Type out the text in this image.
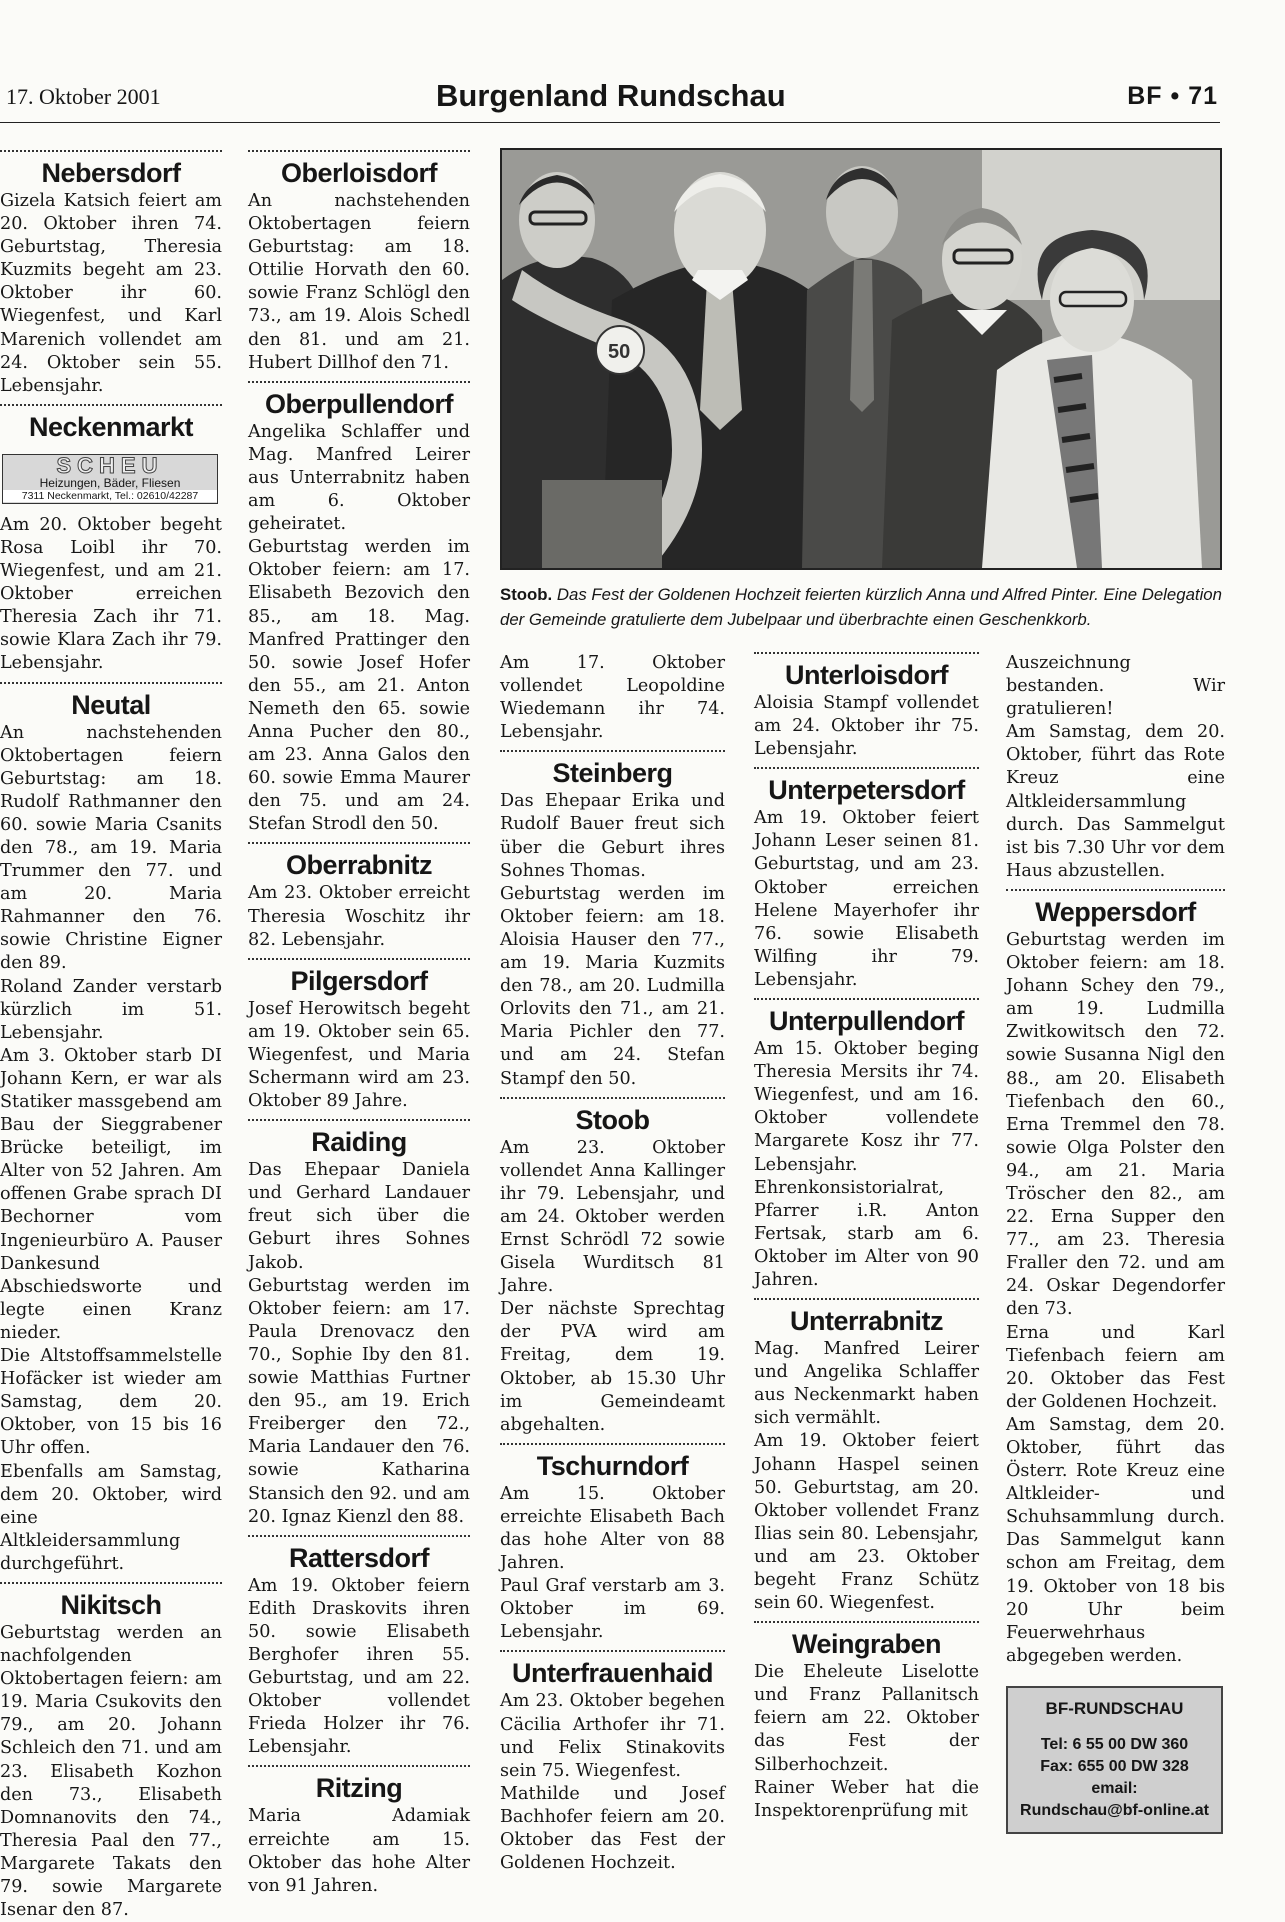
17. Oktober 2001	Burgenland Rundschau	BF • 71
Nebersdorf
Gizela Katsich feiert am 20. Oktober ihren 74. Geburtstag, Theresia Kuzmits begeht am 23. Oktober ihr 60. Wiegenfest, und Karl Marenich vollendet am 24. Oktober sein 55. Lebensjahr.
Neckenmarkt
SCHEU
Heizungen, Bäder, Fliesen
7311 Neckenmarkt, Tel.: 02610/42287
Am 20. Oktober begeht Rosa Loibl ihr 70. Wiegenfest, und am 21. Oktober erreichen Theresia Zach ihr 71. sowie Klara Zach ihr 79. Lebensjahr.
Neutal
An nachstehenden Oktobertagen feiern Geburtstag: am 18. Rudolf Rathmanner den 60. sowie Maria Csanits den 78., am 19. Maria Trummer den 77. und am 20. Maria Rahmanner den 76. sowie Christine Eigner den 89.
Roland Zander verstarb kürzlich im 51. Lebensjahr.
Am 3. Oktober starb DI Johann Kern, er war als Statiker massgebend am Bau der Sieggrabener Brücke beteiligt, im Alter von 52 Jahren. Am offenen Grabe sprach DI Bechorner vom Ingenieurbüro A. Pauser Dankesund Abschiedsworte und legte einen Kranz nieder.
Die Altstoffsammelstelle Hofäcker ist wieder am Samstag, dem 20. Oktober, von 15 bis 16 Uhr offen.
Ebenfalls am Samstag, dem 20. Oktober, wird eine Altkleidersammlung durchgeführt.
Nikitsch
Geburtstag werden an nachfolgenden Oktobertagen feiern: am 19. Maria Csukovits den 79., am 20. Johann Schleich den 71. und am 23. Elisabeth Kozhon den 73., Elisabeth Domnanovits den 74., Theresia Paal den 77., Margarete Takats den 79. sowie Margarete Isenar den 87.
Oberloisdorf
An nachstehenden Oktobertagen feiern Geburtstag: am 18. Ottilie Horvath den 60. sowie Franz Schlögl den 73., am 19. Alois Schedl den 81. und am 21. Hubert Dillhof den 71.
Oberpullendorf
Angelika Schlaffer und Mag. Manfred Leirer aus Unterrabnitz haben am 6. Oktober geheiratet.
Geburtstag werden im Oktober feiern: am 17. Elisabeth Bezovich den 85., am 18. Mag. Manfred Prattinger den 50. sowie Josef Hofer den 55., am 21. Anton Nemeth den 65. sowie Anna Pucher den 80., am 23. Anna Galos den 60. sowie Emma Maurer den 75. und am 24. Stefan Strodl den 50.
Oberrabnitz
Am 23. Oktober erreicht Theresia Woschitz ihr 82. Lebensjahr.
Pilgersdorf
Josef Herowitsch begeht am 19. Oktober sein 65. Wiegenfest, und Maria Schermann wird am 23. Oktober 89 Jahre.
Raiding
Das Ehepaar Daniela und Gerhard Landauer freut sich über die Geburt ihres Sohnes Jakob.
Geburtstag werden im Oktober feiern: am 17. Paula Drenovacz den 70., Sophie Iby den 81. sowie Matthias Furtner den 95., am 19. Erich Freiberger den 72., Maria Landauer den 76. sowie Katharina Stansich den 92. und am 20. Ignaz Kienzl den 88.
Rattersdorf
Am 19. Oktober feiern Edith Draskovits ihren 50. sowie Elisabeth Berghofer ihren 55. Geburtstag, und am 22. Oktober vollendet Frieda Holzer ihr 76. Lebensjahr.
Ritzing
Maria Adamiak erreichte am 15. Oktober das hohe Alter von 91 Jahren.
50
Stoob. Das Fest der Goldenen Hochzeit feierten kürzlich Anna und Alfred Pinter. Eine Delegation der Gemeinde gratulierte dem Jubelpaar und überbrachte einen Geschenkkorb.
Am 17. Oktober vollendet Leopoldine Wiedemann ihr 74. Lebensjahr.
Steinberg
Das Ehepaar Erika und Rudolf Bauer freut sich über die Geburt ihres Sohnes Thomas.
Geburtstag werden im Oktober feiern: am 18. Aloisia Hauser den 77., am 19. Maria Kuzmits den 78., am 20. Ludmilla Orlovits den 71., am 21. Maria Pichler den 77. und am 24. Stefan Stampf den 50.
Stoob
Am 23. Oktober vollendet Anna Kallinger ihr 79. Lebensjahr, und am 24. Oktober werden Ernst Schrödl 72 sowie Gisela Wurditsch 81 Jahre.
Der nächste Sprechtag der PVA wird am Freitag, dem 19. Oktober, ab 15.30 Uhr im Gemeindeamt abgehalten.
Tschurndorf
Am 15. Oktober erreichte Elisabeth Bach das hohe Alter von 88 Jahren.
Paul Graf verstarb am 3. Oktober im 69. Lebensjahr.
Unterfrauenhaid
Am 23. Oktober begehen Cäcilia Arthofer ihr 71. und Felix Stinakovits sein 75. Wiegenfest.
Mathilde und Josef Bachhofer feiern am 20. Oktober das Fest der Goldenen Hochzeit.
Unterloisdorf
Aloisia Stampf vollendet am 24. Oktober ihr 75. Lebensjahr.
Unterpetersdorf
Am 19. Oktober feiert Johann Leser seinen 81. Geburtstag, und am 23. Oktober erreichen Helene Mayerhofer ihr 76. sowie Elisabeth Wilfing ihr 79. Lebensjahr.
Unterpullendorf
Am 15. Oktober beging Theresia Mersits ihr 74. Wiegenfest, und am 16. Oktober vollendete Margarete Kosz ihr 77. Lebensjahr.
Ehrenkonsistorialrat, Pfarrer i.R. Anton Fertsak, starb am 6. Oktober im Alter von 90 Jahren.
Unterrabnitz
Mag. Manfred Leirer und Angelika Schlaffer aus Neckenmarkt haben sich vermählt.
Am 19. Oktober feiert Johann Haspel seinen 50. Geburtstag, am 20. Oktober vollendet Franz Ilias sein 80. Lebensjahr, und am 23. Oktober begeht Franz Schütz sein 60. Wiegenfest.
Weingraben
Die Eheleute Liselotte und Franz Pallanitsch feiern am 22. Oktober das Fest der Silberhochzeit.
Rainer Weber hat die Inspektorenprüfung mit
Auszeichnung bestanden. Wir gratulieren!
Am Samstag, dem 20. Oktober, führt das Rote Kreuz eine Altkleidersammlung durch. Das Sammelgut ist bis 7.30 Uhr vor dem Haus abzustellen.
Weppersdorf
Geburtstag werden im Oktober feiern: am 18. Johann Schey den 79., am 19. Ludmilla Zwitkowitsch den 72. sowie Susanna Nigl den 88., am 20. Elisabeth Tiefenbach den 60., Erna Tremmel den 78. sowie Olga Polster den 94., am 21. Maria Tröscher den 82., am 22. Erna Supper den 77., am 23. Theresia Fraller den 72. und am 24. Oskar Degendorfer den 73.
Erna und Karl Tiefenbach feiern am 20. Oktober das Fest der Goldenen Hochzeit.
Am Samstag, dem 20. Oktober, führt das Österr. Rote Kreuz eine Altkleider- und Schuhsammlung durch. Das Sammelgut kann schon am Freitag, dem 19. Oktober von 18 bis 20 Uhr beim Feuerwehrhaus abgegeben werden.
BF-RUNDSCHAU
Tel: 6 55 00 DW 360
Fax: 655 00 DW 328
email:
Rundschau@bf-online.at
